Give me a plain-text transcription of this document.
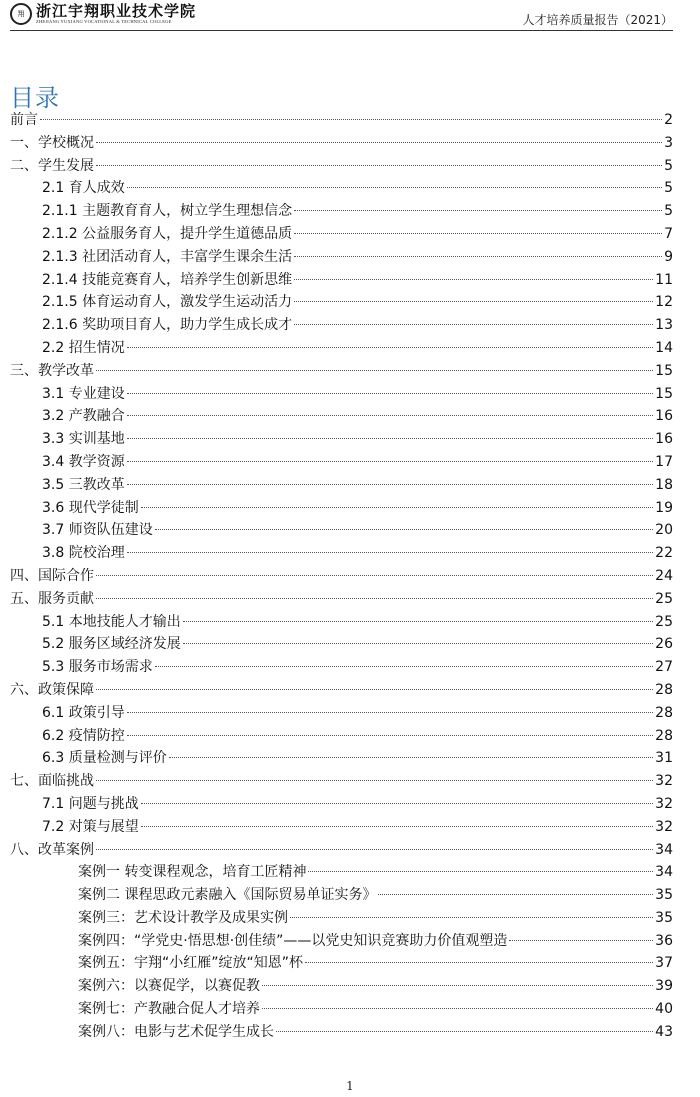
翔 浙江宇翔职业技术学院
ZHEJIANG YUXIANG VOCATIONAL & TECHNICAL COLLEGE	人才培养质量报告（2021）
目录
前言	2
一、学校概况	3
二、学生发展	5
2.1 育人成效	5
2.1.1 主题教育育人，树立学生理想信念	5
2.1.2 公益服务育人，提升学生道德品质	7
2.1.3 社团活动育人，丰富学生课余生活	9
2.1.4 技能竞赛育人，培养学生创新思维	11
2.1.5 体育运动育人，激发学生运动活力	12
2.1.6 奖助项目育人，助力学生成长成才	13
2.2 招生情况	14
三、教学改革	15
3.1 专业建设	15
3.2 产教融合	16
3.3 实训基地	16
3.4 教学资源	17
3.5 三教改革	18
3.6 现代学徒制	19
3.7 师资队伍建设	20
3.8 院校治理	22
四、国际合作	24
五、服务贡献	25
5.1 本地技能人才输出	25
5.2 服务区域经济发展	26
5.3 服务市场需求	27
六、政策保障	28
6.1 政策引导	28
6.2 疫情防控	28
6.3 质量检测与评价	31
七、面临挑战	32
7.1 问题与挑战	32
7.2 对策与展望	32
八、改革案例	34
案例一 转变课程观念，培育工匠精神	34
案例二 课程思政元素融入《国际贸易单证实务》	35
案例三：艺术设计教学及成果实例	35
案例四：“学党史·悟思想·创佳绩”——以党史知识竞赛助力价值观塑造	36
案例五：宇翔“小红雁”绽放“知恩”杯	37
案例六：以赛促学，以赛促教	39
案例七：产教融合促人才培养	40
案例八：电影与艺术促学生成长	43
1
